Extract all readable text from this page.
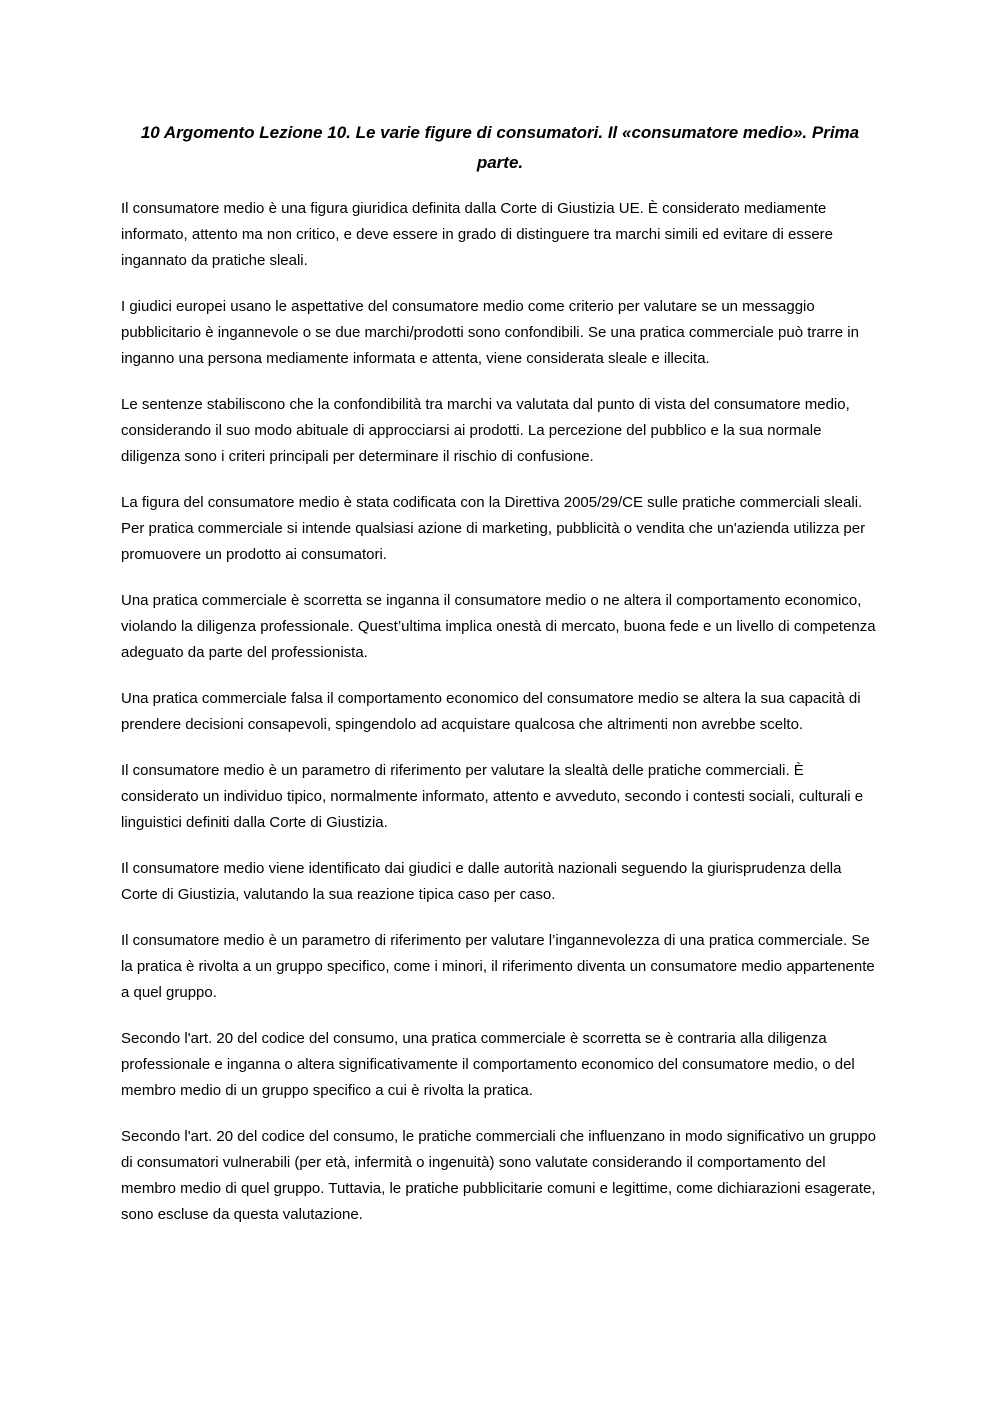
10 Argomento Lezione 10. Le varie figure di consumatori. Il «consumatore medio». Prima parte.

Il consumatore medio è una figura giuridica definita dalla Corte di Giustizia UE. È considerato mediamente informato, attento ma non critico, e deve essere in grado di distinguere tra marchi simili ed evitare di essere ingannato da pratiche sleali.

I giudici europei usano le aspettative del consumatore medio come criterio per valutare se un messaggio pubblicitario è ingannevole o se due marchi/prodotti sono confondibili. Se una pratica commerciale può trarre in inganno una persona mediamente informata e attenta, viene considerata sleale e illecita.

Le sentenze stabiliscono che la confondibilità tra marchi va valutata dal punto di vista del consumatore medio, considerando il suo modo abituale di approcciarsi ai prodotti. La percezione del pubblico e la sua normale diligenza sono i criteri principali per determinare il rischio di confusione.

La figura del consumatore medio è stata codificata con la Direttiva 2005/29/CE sulle pratiche commerciali sleali. Per pratica commerciale si intende qualsiasi azione di marketing, pubblicità o vendita che un'azienda utilizza per promuovere un prodotto ai consumatori.

Una pratica commerciale è scorretta se inganna il consumatore medio o ne altera il comportamento economico, violando la diligenza professionale. Quest’ultima implica onestà di mercato, buona fede e un livello di competenza adeguato da parte del professionista.

Una pratica commerciale falsa il comportamento economico del consumatore medio se altera la sua capacità di prendere decisioni consapevoli, spingendolo ad acquistare qualcosa che altrimenti non avrebbe scelto.

Il consumatore medio è un parametro di riferimento per valutare la slealtà delle pratiche commerciali. È considerato un individuo tipico, normalmente informato, attento e avveduto, secondo i contesti sociali, culturali e linguistici definiti dalla Corte di Giustizia.

Il consumatore medio viene identificato dai giudici e dalle autorità nazionali seguendo la giurisprudenza della Corte di Giustizia, valutando la sua reazione tipica caso per caso.

Il consumatore medio è un parametro di riferimento per valutare l’ingannevolezza di una pratica commerciale. Se la pratica è rivolta a un gruppo specifico, come i minori, il riferimento diventa un consumatore medio appartenente a quel gruppo.

Secondo l'art. 20 del codice del consumo, una pratica commerciale è scorretta se è contraria alla diligenza professionale e inganna o altera significativamente il comportamento economico del consumatore medio, o del membro medio di un gruppo specifico a cui è rivolta la pratica.

Secondo l'art. 20 del codice del consumo, le pratiche commerciali che influenzano in modo significativo un gruppo di consumatori vulnerabili (per età, infermità o ingenuità) sono valutate considerando il comportamento del membro medio di quel gruppo. Tuttavia, le pratiche pubblicitarie comuni e legittime, come dichiarazioni esagerate, sono escluse da questa valutazione.
